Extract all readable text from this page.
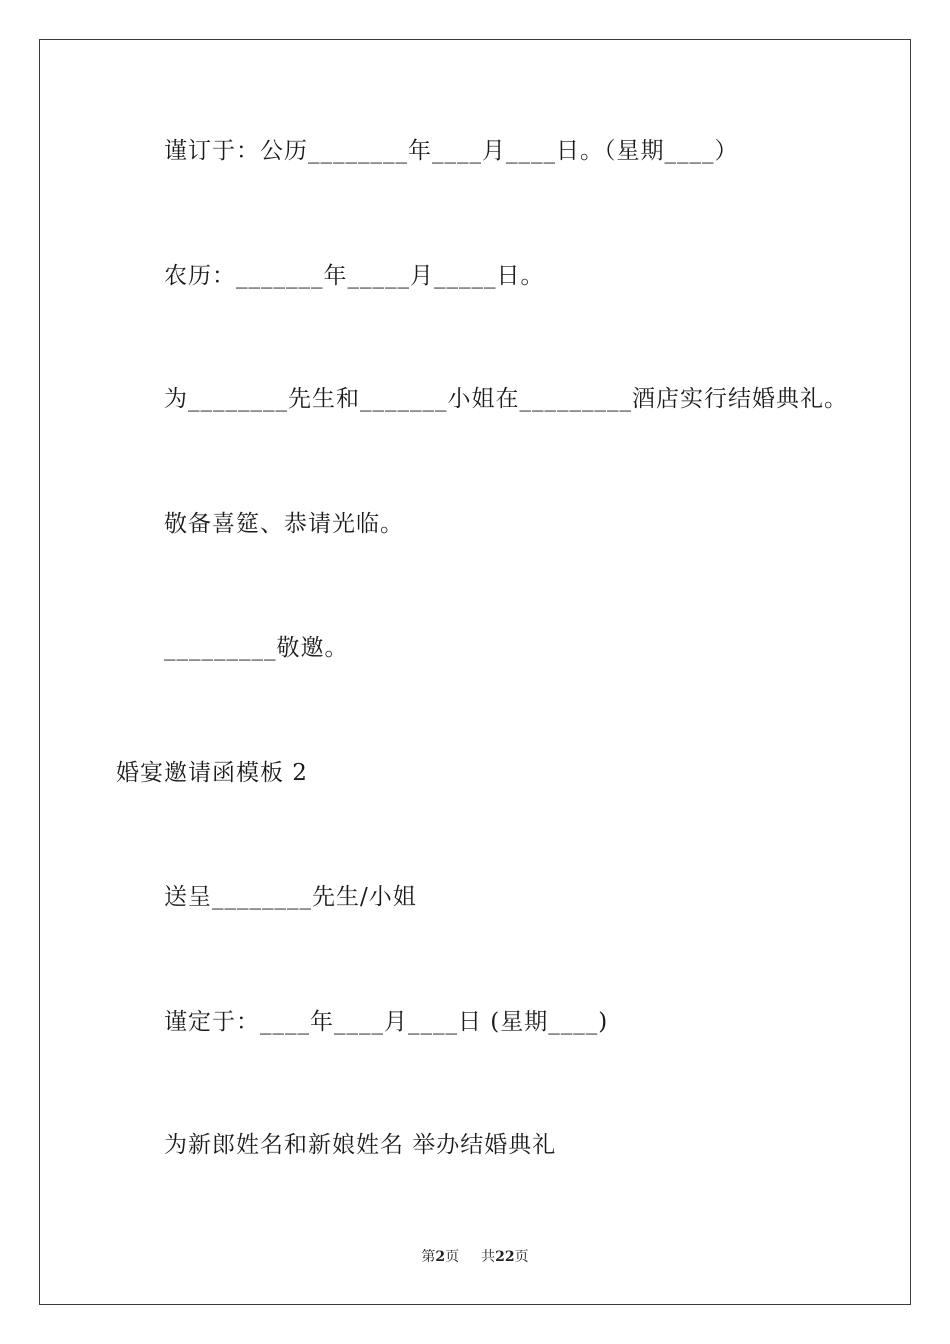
谨订于：公历________年____月____日。（星期____）
农历：_______年_____月_____日。
为________先生和_______小姐在_________酒店实行结婚典礼。
敬备喜筵、恭请光临。
_________敬邀。
婚宴邀请函模板 2
送呈________先生/小姐
谨定于：____年____月____日 (星期____)
为新郎姓名和新娘姓名 举办结婚典礼
第2页 共22页
